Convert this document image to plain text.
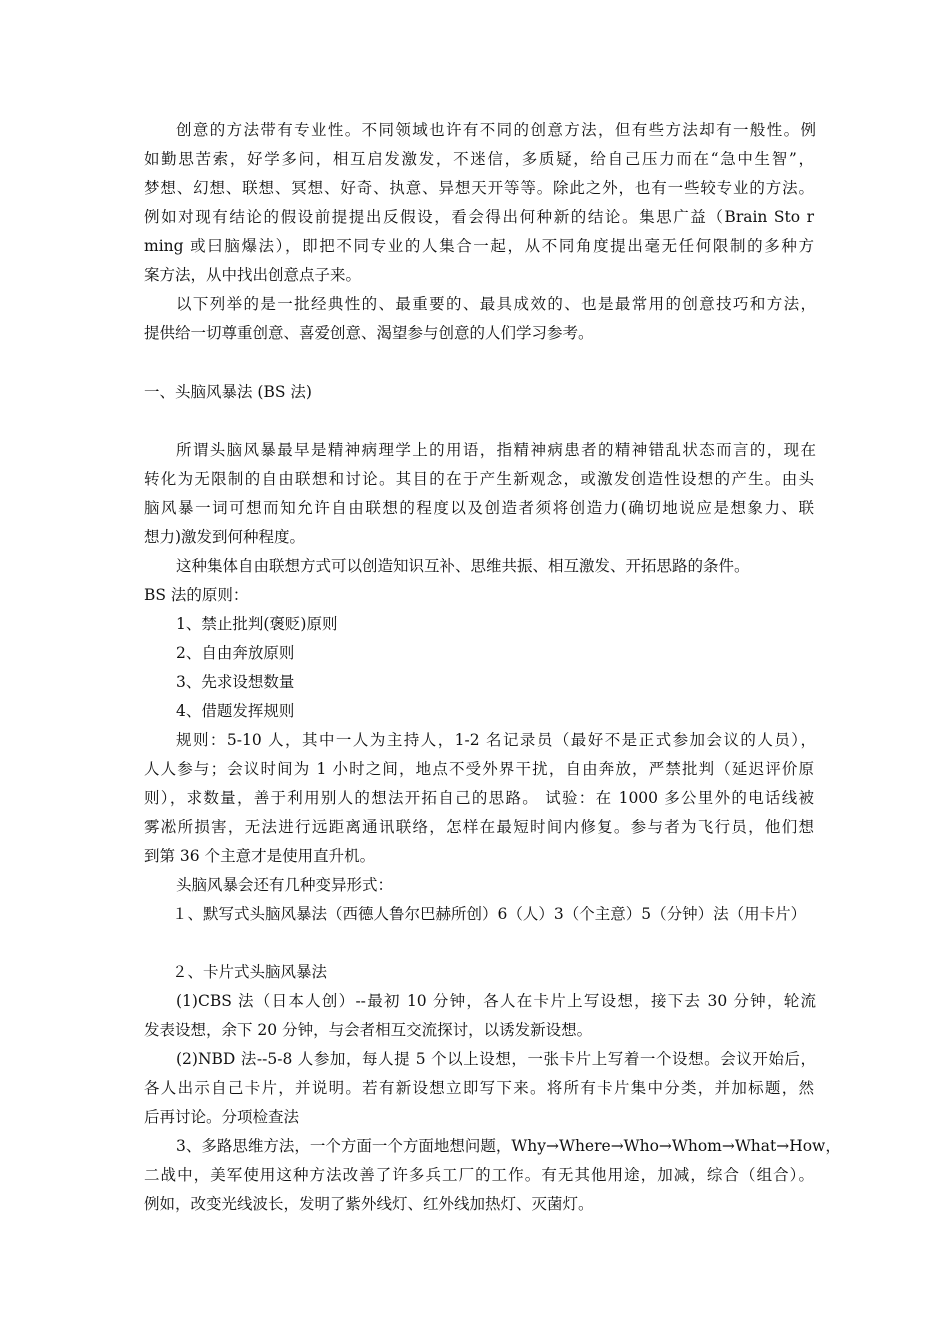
创意的方法带有专业性。不同领域也许有不同的创意方法，但有些方法却有一般性。例
如勤思苦索，好学多问，相互启发激发，不迷信，多质疑，给自己压力而在“急中生智”，
梦想、幻想、联想、冥想、好奇、执意、异想天开等等。除此之外，也有一些较专业的方法。
例如对现有结论的假设前提提出反假设，看会得出何种新的结论。集思广益（Brain Sto r
ming 或曰脑爆法），即把不同专业的人集合一起，从不同角度提出毫无任何限制的多种方
案方法，从中找出创意点子来。
以下列举的是一批经典性的、最重要的、最具成效的、也是最常用的创意技巧和方法，
提供给一切尊重创意、喜爱创意、渴望参与创意的人们学习参考。
一、头脑风暴法 (BS 法)
所谓头脑风暴最早是精神病理学上的用语，指精神病患者的精神错乱状态而言的，现在
转化为无限制的自由联想和讨论。其目的在于产生新观念，或激发创造性设想的产生。由头
脑风暴一词可想而知允许自由联想的程度以及创造者须将创造力(确切地说应是想象力、联
想力)激发到何种程度。
这种集体自由联想方式可以创造知识互补、思维共振、相互激发、开拓思路的条件。
BS 法的原则：
1、禁止批判(褒贬)原则
2、自由奔放原则
3、先求设想数量
4、借题发挥规则
规则：5-10 人，其中一人为主持人，1-2 名记录员（最好不是正式参加会议的人员），
人人参与；会议时间为 1 小时之间，地点不受外界干扰，自由奔放，严禁批判（延迟评价原
则），求数量，善于利用别人的想法开拓自己的思路。 试验：在 1000 多公里外的电话线被
雾凇所损害，无法进行远距离通讯联络，怎样在最短时间内修复。参与者为飞行员，他们想
到第 36 个主意才是使用直升机。
头脑风暴会还有几种变异形式：
１、默写式头脑风暴法（西德人鲁尔巴赫所创）6（人）3（个主意）5（分钟）法（用卡片）
２、卡片式头脑风暴法
(1)CBS 法（日本人创）--最初 10 分钟，各人在卡片上写设想，接下去 30 分钟，轮流
发表设想，余下 20 分钟，与会者相互交流探讨，以诱发新设想。
(2)NBD 法--5-8 人参加，每人提 5 个以上设想，一张卡片上写着一个设想。会议开始后，
各人出示自己卡片，并说明。若有新设想立即写下来。将所有卡片集中分类，并加标题，然
后再讨论。分项检查法
3、多路思维方法，一个方面一个方面地想问题，Why→Where→Who→Whom→What→How，
二战中，美军使用这种方法改善了许多兵工厂的工作。有无其他用途，加减，综合（组合）。
例如，改变光线波长，发明了紫外线灯、红外线加热灯、灭菌灯。
